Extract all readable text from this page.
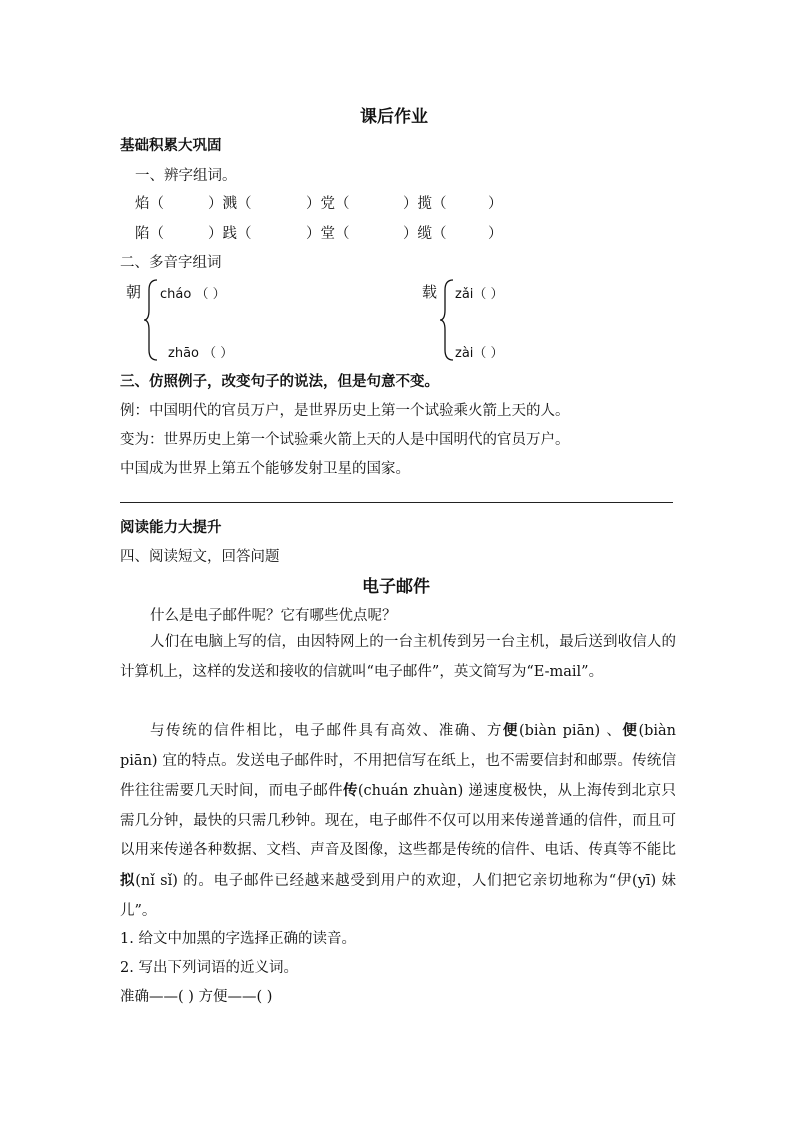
课后作业
基础积累大巩固
一、辨字组词。
焰（	）溅（	）党（	）揽（	）
陷（	）践（	）堂（	）缆（	）
二、多音字组词
朝 cháo （ ）
zhāo （ ）
载 zǎi（ ）
zài（ ）
三、仿照例子，改变句子的说法，但是句意不变。
例：中国明代的官员万户，是世界历史上第一个试验乘火箭上天的人。
变为：世界历史上第一个试验乘火箭上天的人是中国明代的官员万户。
中国成为世界上第五个能够发射卫星的国家。
阅读能力大提升
四、阅读短文，回答问题
电子邮件
什么是电子邮件呢？它有哪些优点呢？
人们在电脑上写的信，由因特网上的一台主机传到另一台主机，最后送到收信人的计算机上，这样的发送和接收的信就叫“电子邮件”，英文简写为“E-mail”。
与传统的信件相比，电子邮件具有高效、准确、方便(biàn piān) 、便(biàn piān) 宜的特点。发送电子邮件时，不用把信写在纸上，也不需要信封和邮票。传统信件往往需要几天时间，而电子邮件传(chuán zhuàn) 递速度极快，从上海传到北京只需几分钟，最快的只需几秒钟。现在，电子邮件不仅可以用来传递普通的信件，而且可以用来传递各种数据、文档、声音及图像，这些都是传统的信件、电话、传真等不能比拟(nǐ sǐ) 的。电子邮件已经越来越受到用户的欢迎，人们把它亲切地称为“伊(yī) 妹儿”。
1. 给文中加黑的字选择正确的读音。
2. 写出下列词语的近义词。
准确——( ) 方便——( )
